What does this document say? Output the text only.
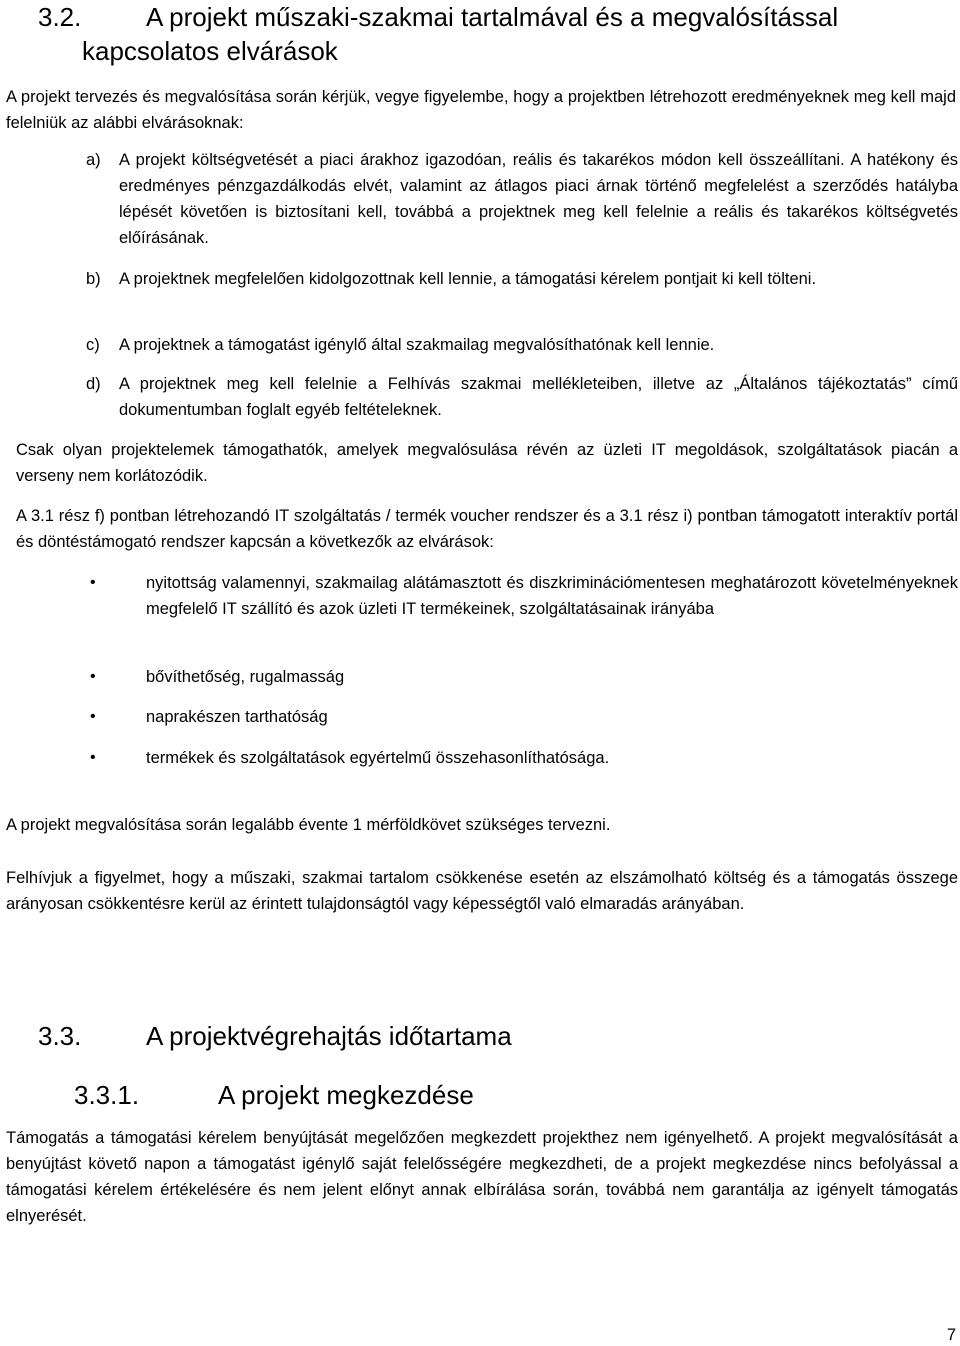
3.2. A projekt műszaki-szakmai tartalmával és a megvalósítással
kapcsolatos elvárások

A projekt tervezés és megvalósítása során kérjük, vegye figyelembe, hogy a projektben létrehozott eredményeknek meg kell majd felelniük az alábbi elvárásoknak:

a) A projekt költségvetését a piaci árakhoz igazodóan, reális és takarékos módon kell összeállítani. A hatékony és eredményes pénzgazdálkodás elvét, valamint az átlagos piaci árnak történő megfelelést a szerződés hatályba lépését követően is biztosítani kell, továbbá a projektnek meg kell felelnie a reális és takarékos költségvetés előírásának.
b) A projektnek megfelelően kidolgozottnak kell lennie, a támogatási kérelem pontjait ki kell tölteni.
c) A projektnek a támogatást igénylő által szakmailag megvalósíthatónak kell lennie.
d) A projektnek meg kell felelnie a Felhívás szakmai mellékleteiben, illetve az „Általános tájékoztatás” című dokumentumban foglalt egyéb feltételeknek.

Csak olyan projektelemek támogathatók, amelyek megvalósulása révén az üzleti IT megoldások, szolgáltatások piacán a verseny nem korlátozódik.

A 3.1 rész f) pontban létrehozandó IT szolgáltatás / termék voucher rendszer és a 3.1 rész i) pontban támogatott interaktív portál és döntéstámogató rendszer kapcsán a következők az elvárások:

•	nyitottság valamennyi, szakmailag alátámasztott és diszkriminációmentesen meghatározott követelményeknek megfelelő IT szállító és azok üzleti IT termékeinek, szolgáltatásainak irányába
•	bővíthetőség, rugalmasság
•	naprakészen tarthatóság
•	termékek és szolgáltatások egyértelmű összehasonlíthatósága.

A projekt megvalósítása során legalább évente 1 mérföldkövet szükséges tervezni.

Felhívjuk a figyelmet, hogy a műszaki, szakmai tartalom csökkenése esetén az elszámolható költség és a támogatás összege arányosan csökkentésre kerül az érintett tulajdonságtól vagy képességtől való elmaradás arányában.

3.3. A projektvégrehajtás időtartama
3.3.1.	A projekt megkezdése

Támogatás a támogatási kérelem benyújtását megelőzően megkezdett projekthez nem igényelhető. A projekt megvalósítását a benyújtást követő napon a támogatást igénylő saját felelősségére megkezdheti, de a projekt megkezdése nincs befolyással a támogatási kérelem értékelésére és nem jelent előnyt annak elbírálása során, továbbá nem garantálja az igényelt támogatás elnyerését.

7
